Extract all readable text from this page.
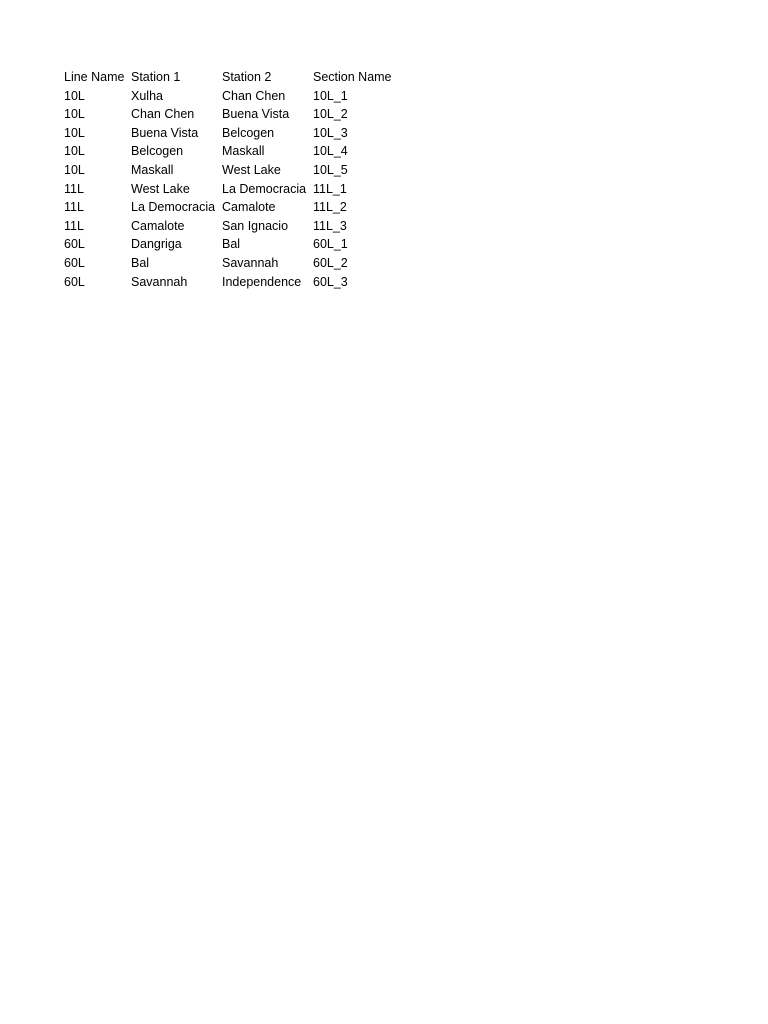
Line Name	Station 1	Station 2	Section Name
10L	Xulha	Chan Chen	10L_1
10L	Chan Chen	Buena Vista	10L_2
10L	Buena Vista	Belcogen	10L_3
10L	Belcogen	Maskall	10L_4
10L	Maskall	West Lake	10L_5
11L	West Lake	La Democracia	11L_1
11L	La Democracia	Camalote	11L_2
11L	Camalote	San Ignacio	11L_3
60L	Dangriga	Bal	60L_1
60L	Bal	Savannah	60L_2
60L	Savannah	Independence	60L_3
